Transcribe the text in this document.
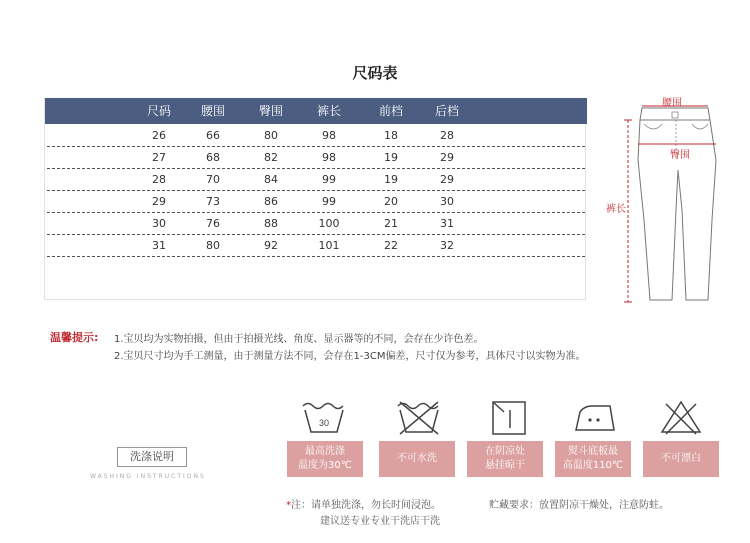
尺码表
尺码	腰围	臀围	裤长	前档	后档
26	66	80	98	18	28
27	68	82	98	19	29
28	70	84	99	19	29
29	73	86	99	20	30
30	76	88	100	21	31
31	80	92	101	22	32
腰围
臀围
裤长
温馨提示: 1.宝贝均为实物拍摄，但由于拍摄光线、角度、显示器等的不同，会存在少许色差。
2.宝贝尺寸均为手工测量，由于测量方法不同，会存在1-3CM偏差，尺寸仅为参考，具体尺寸以实物为准。
洗涤说明
WASHING INSTRUCTIONS
30
最高洗涤
温度为30℃
不可水洗
在阴凉处
悬挂晾干
熨斗底板最
高温度110℃
不可漂白
*注：请单独洗涤，勿长时间浸泡。
建议送专业专业干洗店干洗
贮藏要求：放置阴凉干燥处，注意防蛀。
